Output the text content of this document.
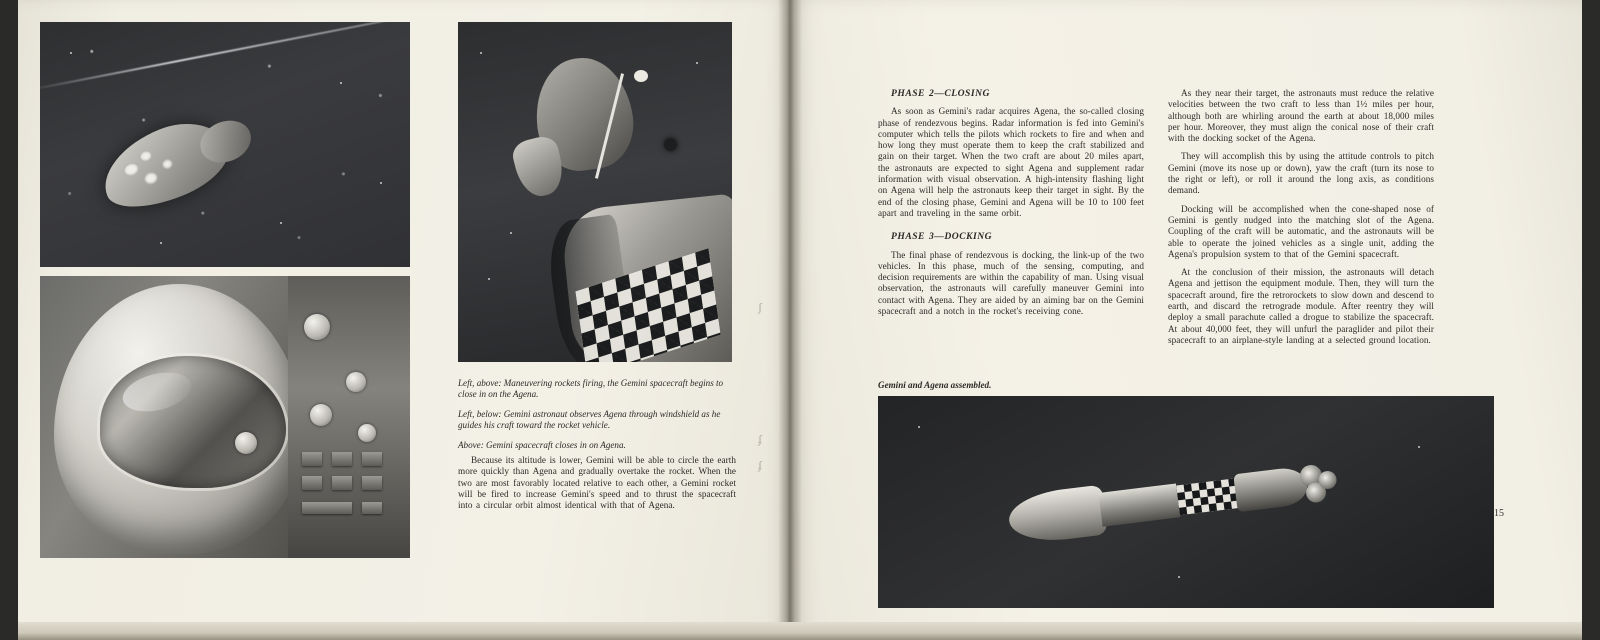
Left, above: Maneuvering rockets firing, the Gemini spacecraft begins to close in on the Agena.

Left, below: Gemini astronaut observes Agena through windshield as he guides his craft toward the rocket vehicle.

Above: Gemini spacecraft closes in on Agena.

Because its altitude is lower, Gemini will be able to circle the earth more quickly than Agena and gradually overtake the rocket. When the two are most favorably located relative to each other, a Gemini rocket will be fired to increase Gemini's speed and to thrust the spacecraft into a circular orbit almost identical with that of Agena.

ʃ
ʄ
ʄ

PHASE 2—CLOSING

As soon as Gemini's radar acquires Agena, the so-called closing phase of rendezvous begins. Radar information is fed into Gemini's computer which tells the pilots which rockets to fire and when and how long they must operate them to keep the craft stabilized and gain on their target. When the two craft are about 20 miles apart, the astronauts are expected to sight Agena and supplement radar information with visual observation. A high-intensity flashing light on Agena will help the astronauts keep their target in sight. By the end of the closing phase, Gemini and Agena will be 10 to 100 feet apart and traveling in the same orbit.

PHASE 3—DOCKING

The final phase of rendezvous is docking, the link-up of the two vehicles. In this phase, much of the sensing, computing, and decision requirements are within the capability of man. Using visual observation, the astronauts will carefully maneuver Gemini into contact with Agena. They are aided by an aiming bar on the Gemini spacecraft and a notch in the rocket's receiving cone.

As they near their target, the astronauts must reduce the relative velocities between the two craft to less than 1½ miles per hour, although both are whirling around the earth at about 18,000 miles per hour. Moreover, they must align the conical nose of their craft with the docking socket of the Agena.

They will accomplish this by using the attitude controls to pitch Gemini (move its nose up or down), yaw the craft (turn its nose to the right or left), or roll it around the long axis, as conditions demand.

Docking will be accomplished when the cone-shaped nose of Gemini is gently nudged into the matching slot of the Agena. Coupling of the craft will be automatic, and the astronauts will be able to operate the joined vehicles as a single unit, adding the Agena's propulsion system to that of the Gemini spacecraft.

At the conclusion of their mission, the astronauts will detach Agena and jettison the equipment module. Then, they will turn the spacecraft around, fire the retrorockets to slow down and descend to earth, and discard the retrograde module. After reentry they will deploy a small parachute called a drogue to stabilize the spacecraft. At about 40,000 feet, they will unfurl the paraglider and pilot their spacecraft to an airplane-style landing at a selected ground location.

Gemini and Agena assembled.
15
